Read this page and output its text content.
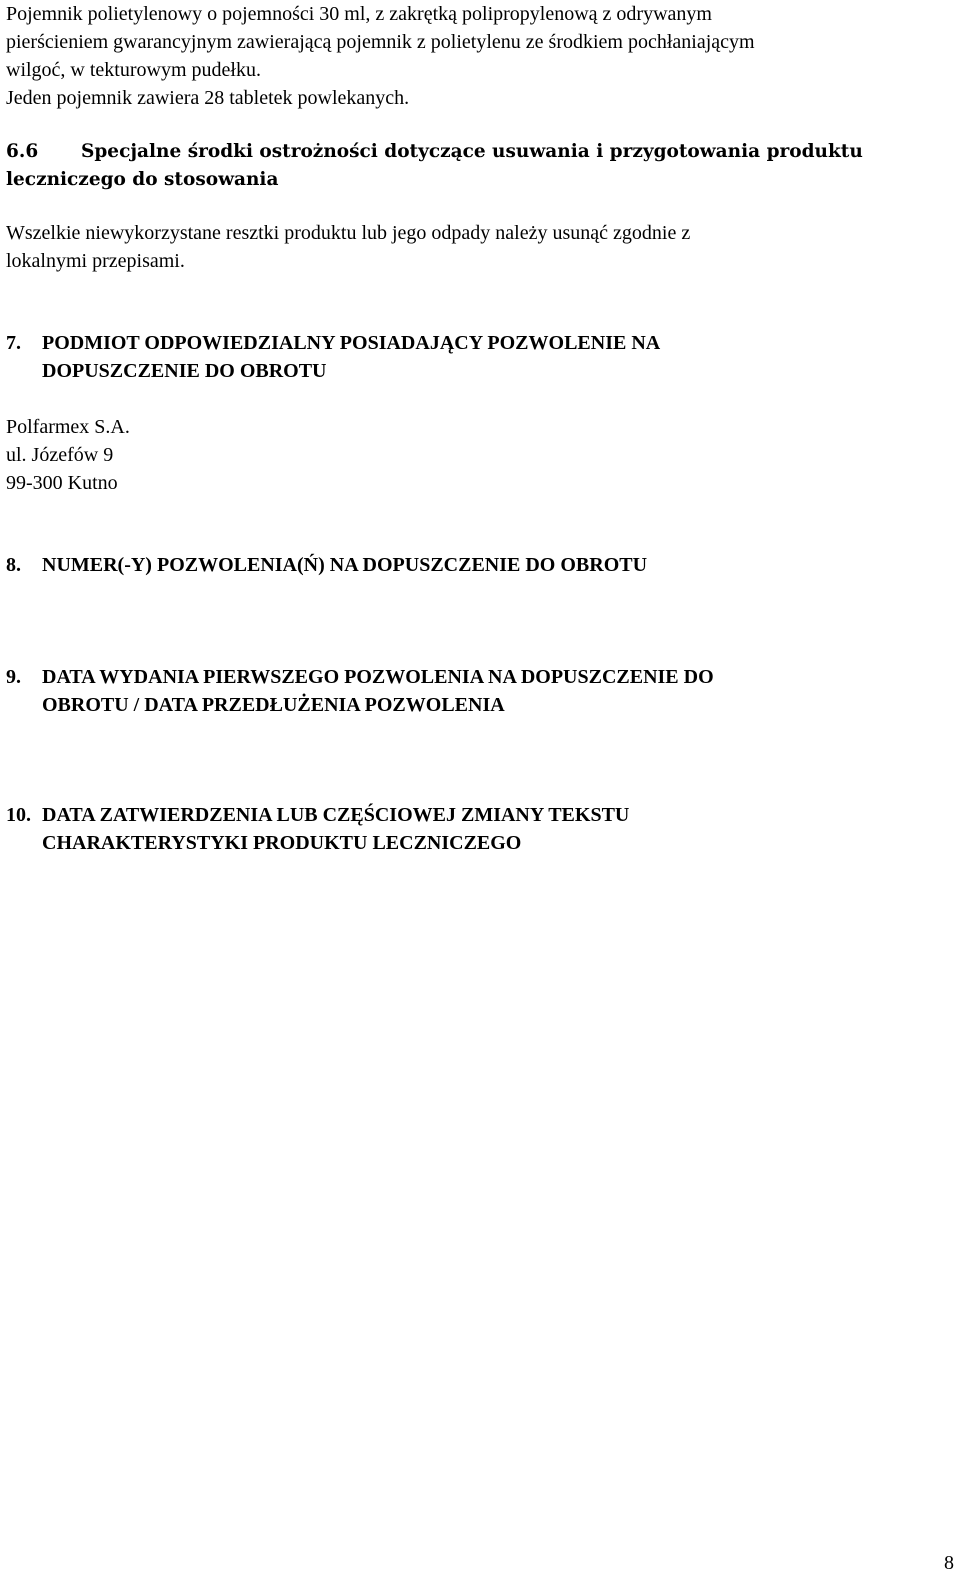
Pojemnik polietylenowy o pojemności 30 ml, z zakrętką polipropylenową z odrywanym
pierścieniem gwarancyjnym zawierającą pojemnik z polietylenu ze środkiem pochłaniającym
wilgoć, w tekturowym pudełku.
Jeden pojemnik zawiera 28 tabletek powlekanych.
6.6 Specjalne środki ostrożności dotyczące usuwania i przygotowania produktu
leczniczego do stosowania
Wszelkie niewykorzystane resztki produktu lub jego odpady należy usunąć zgodnie z
lokalnymi przepisami.
7. PODMIOT ODPOWIEDZIALNY POSIADAJĄCY POZWOLENIE NA
DOPUSZCZENIE DO OBROTU
Polfarmex S.A.
ul. Józefów 9
99-300 Kutno
8. NUMER(-Y) POZWOLENIA(Ń) NA DOPUSZCZENIE DO OBROTU
9. DATA WYDANIA PIERWSZEGO POZWOLENIA NA DOPUSZCZENIE DO
OBROTU / DATA PRZEDŁUŻENIA POZWOLENIA
10. DATA ZATWIERDZENIA LUB CZĘŚCIOWEJ ZMIANY TEKSTU
CHARAKTERYSTYKI PRODUKTU LECZNICZEGO
8
